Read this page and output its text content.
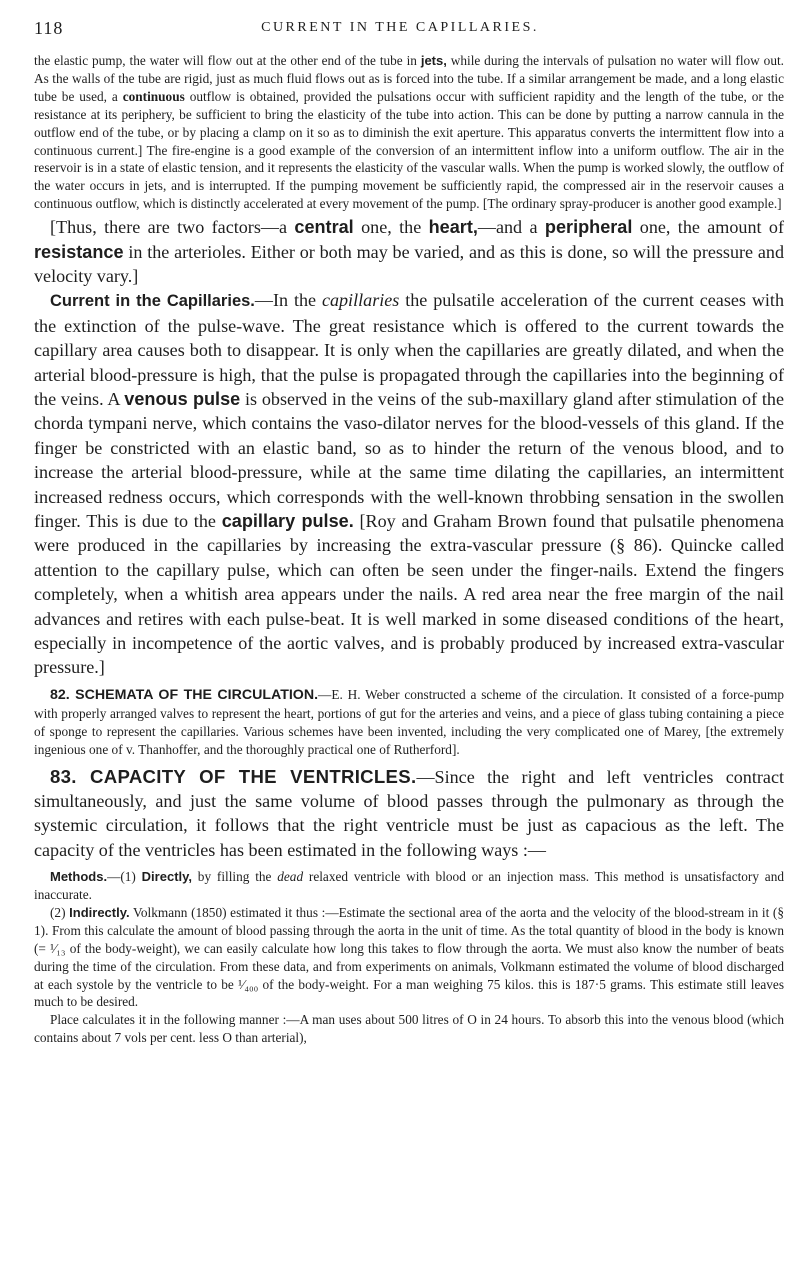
118	CURRENT IN THE CAPILLARIES.

the elastic pump, the water will flow out at the other end of the tube in jets, while during the intervals of pulsation no water will flow out. As the walls of the tube are rigid, just as much fluid flows out as is forced into the tube. If a similar arrangement be made, and a long elastic tube be used, a continuous outflow is obtained, provided the pulsations occur with sufficient rapidity and the length of the tube, or the resistance at its periphery, be sufficient to bring the elasticity of the tube into action. This can be done by putting a narrow cannula in the outflow end of the tube, or by placing a clamp on it so as to diminish the exit aperture. This apparatus converts the intermittent flow into a continuous current.] The fire-engine is a good example of the conversion of an intermittent inflow into a uniform outflow. The air in the reservoir is in a state of elastic tension, and it represents the elasticity of the vascular walls. When the pump is worked slowly, the outflow of the water occurs in jets, and is interrupted. If the pumping movement be sufficiently rapid, the compressed air in the reservoir causes a continuous outflow, which is distinctly accelerated at every movement of the pump. [The ordinary spray-producer is another good example.]

[Thus, there are two factors—a central one, the heart,—and a peripheral one, the amount of resistance in the arterioles. Either or both may be varied, and as this is done, so will the pressure and velocity vary.]

Current in the Capillaries.—In the capillaries the pulsatile acceleration of the current ceases with the extinction of the pulse-wave. The great resistance which is offered to the current towards the capillary area causes both to disappear. It is only when the capillaries are greatly dilated, and when the arterial blood-pressure is high, that the pulse is propagated through the capillaries into the beginning of the veins. A venous pulse is observed in the veins of the sub-maxillary gland after stimulation of the chorda tympani nerve, which contains the vaso-dilator nerves for the blood-vessels of this gland. If the finger be constricted with an elastic band, so as to hinder the return of the venous blood, and to increase the arterial blood-pressure, while at the same time dilating the capillaries, an intermittent increased redness occurs, which corresponds with the well-known throbbing sensation in the swollen finger. This is due to the capillary pulse. [Roy and Graham Brown found that pulsatile phenomena were produced in the capillaries by increasing the extra-vascular pressure (§ 86). Quincke called attention to the capillary pulse, which can often be seen under the finger-nails. Extend the fingers completely, when a whitish area appears under the nails. A red area near the free margin of the nail advances and retires with each pulse-beat. It is well marked in some diseased conditions of the heart, especially in incompetence of the aortic valves, and is probably produced by increased extra-vascular pressure.]

82. SCHEMATA OF THE CIRCULATION.—E. H. Weber constructed a scheme of the circulation. It consisted of a force-pump with properly arranged valves to represent the heart, portions of gut for the arteries and veins, and a piece of glass tubing containing a piece of sponge to represent the capillaries. Various schemes have been invented, including the very complicated one of Marey, [the extremely ingenious one of v. Thanhoffer, and the thoroughly practical one of Rutherford].

83. CAPACITY OF THE VENTRICLES.—Since the right and left ventricles contract simultaneously, and just the same volume of blood passes through the pulmonary as through the systemic circulation, it follows that the right ventricle must be just as capacious as the left. The capacity of the ventricles has been estimated in the following ways :—

Methods.—(1) Directly, by filling the dead relaxed ventricle with blood or an injection mass. This method is unsatisfactory and inaccurate.

(2) Indirectly. Volkmann (1850) estimated it thus :—Estimate the sectional area of the aorta and the velocity of the blood-stream in it (§ 1). From this calculate the amount of blood passing through the aorta in the unit of time. As the total quantity of blood in the body is known (= ¹⁄₁₃ of the body-weight), we can easily calculate how long this takes to flow through the aorta. We must also know the number of beats during the time of the circulation. From these data, and from experiments on animals, Volkmann estimated the volume of blood discharged at each systole by the ventricle to be ¹⁄₄₀₀ of the body-weight. For a man weighing 75 kilos. this is 187·5 grams. This estimate still leaves much to be desired.

Place calculates it in the following manner :—A man uses about 500 litres of O in 24 hours. To absorb this into the venous blood (which contains about 7 vols per cent. less O than arterial),
